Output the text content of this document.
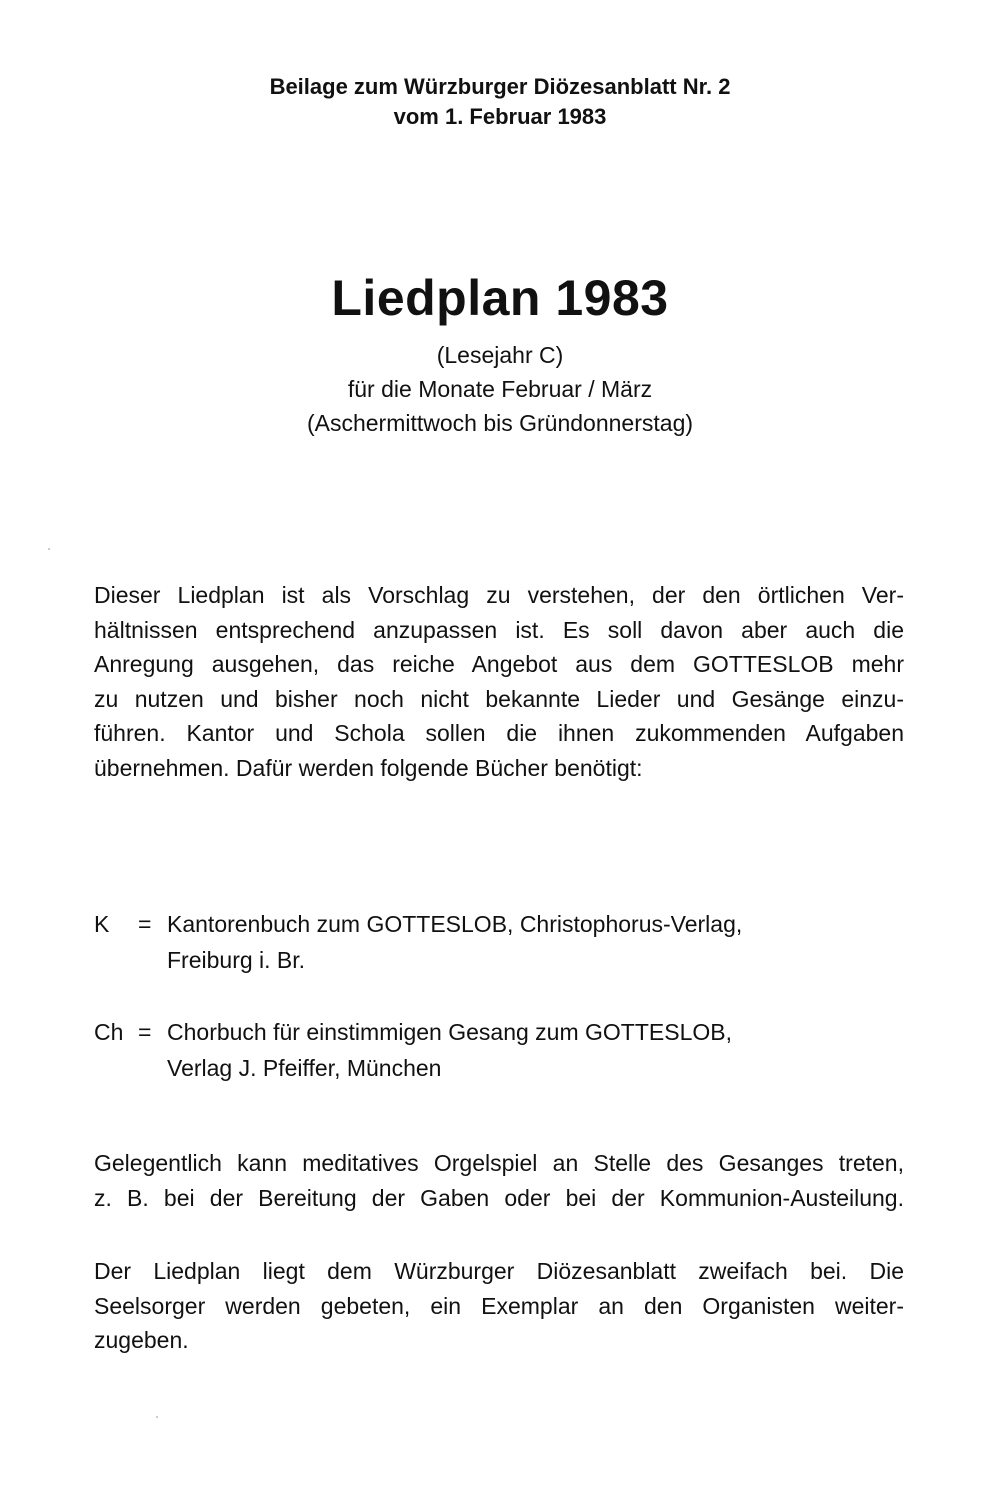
Beilage zum Würzburger Diözesanblatt Nr. 2
vom 1. Februar 1983
Liedplan 1983
(Lesejahr C)
für die Monate Februar / März
(Aschermittwoch bis Gründonnerstag)
Dieser Liedplan ist als Vorschlag zu verstehen, der den örtlichen Ver-
hältnissen entsprechend anzupassen ist. Es soll davon aber auch die
Anregung ausgehen, das reiche Angebot aus dem GOTTESLOB mehr
zu nutzen und bisher noch nicht bekannte Lieder und Gesänge einzu-
führen. Kantor und Schola sollen die ihnen zukommenden Aufgaben
übernehmen. Dafür werden folgende Bücher benötigt:
K = Kantorenbuch zum GOTTESLOB, Christophorus-Verlag,
Freiburg i. Br.
Ch = Chorbuch für einstimmigen Gesang zum GOTTESLOB,
Verlag J. Pfeiffer, München
Gelegentlich kann meditatives Orgelspiel an Stelle des Gesanges treten,
z. B. bei der Bereitung der Gaben oder bei der Kommunion-Austeilung.
Der Liedplan liegt dem Würzburger Diözesanblatt zweifach bei. Die
Seelsorger werden gebeten, ein Exemplar an den Organisten weiter-
zugeben.
